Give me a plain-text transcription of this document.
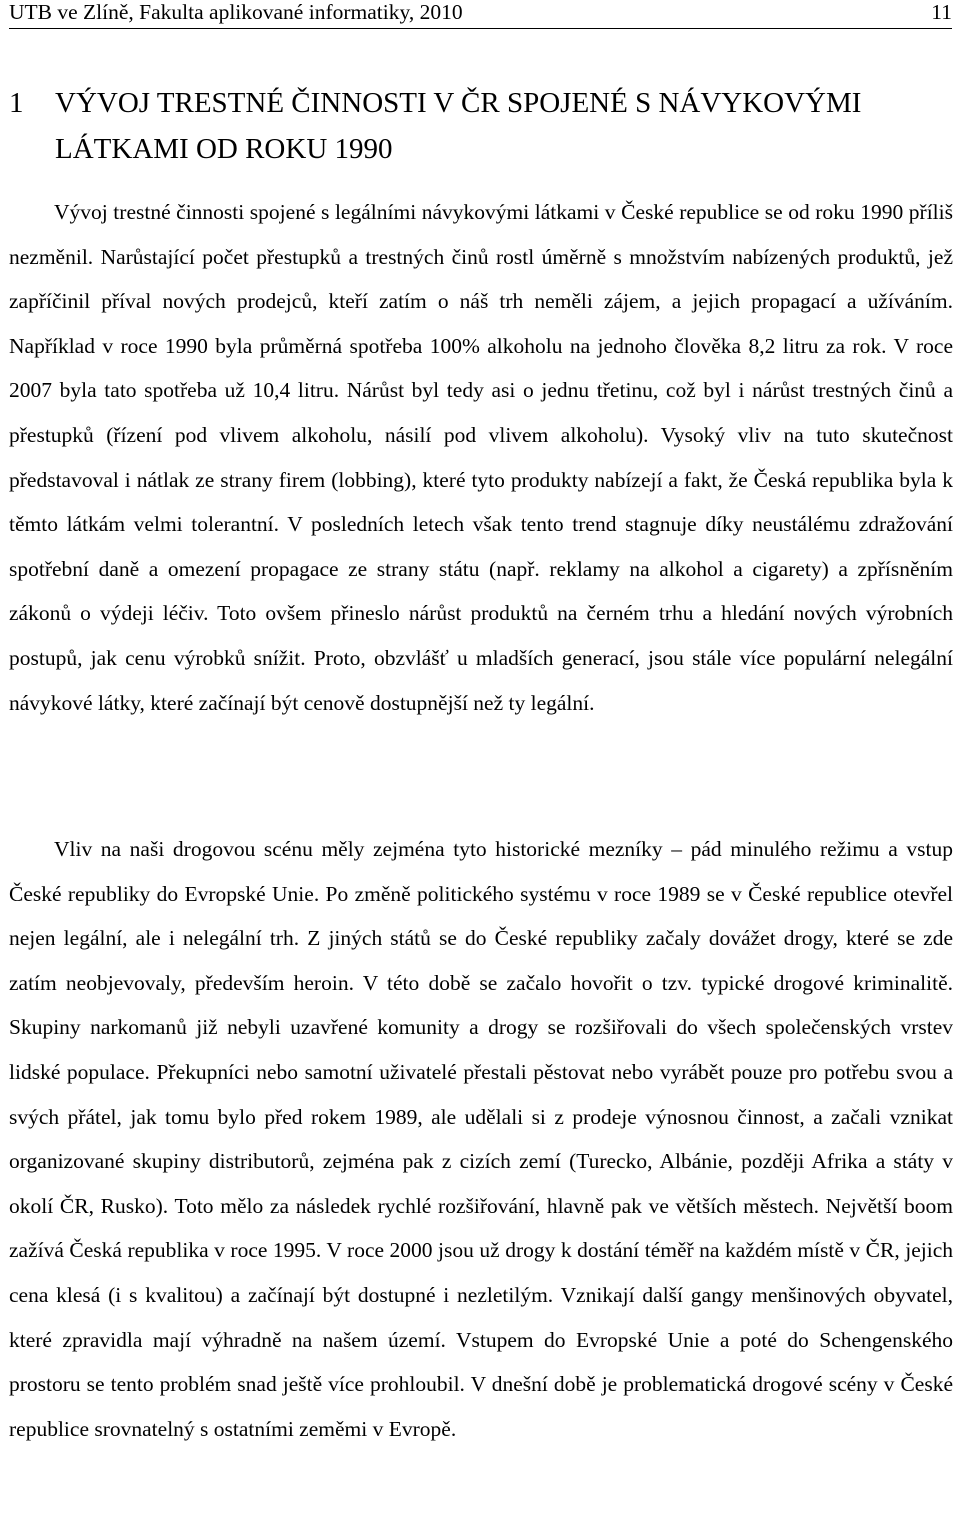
UTB ve Zlíně, Fakulta aplikované informatiky, 2010	11
1 VÝVOJ TRESTNÉ ČINNOSTI V ČR SPOJENÉ S NÁVYKOVÝMI LÁTKAMI OD ROKU 1990

Vývoj trestné činnosti spojené s legálními návykovými látkami v České republice se od roku 1990 příliš nezměnil. Narůstající počet přestupků a trestných činů rostl úměrně s množstvím nabízených produktů, jež zapříčinil příval nových prodejců, kteří zatím o náš trh neměli zájem, a jejich propagací a užíváním. Například v roce 1990 byla průměrná spotřeba 100% alkoholu na jednoho člověka 8,2 litru za rok. V roce 2007 byla tato spotřeba už 10,4 litru. Nárůst byl tedy asi o jednu třetinu, což byl i nárůst trestných činů a přestupků (řízení pod vlivem alkoholu, násilí pod vlivem alkoholu). Vysoký vliv na tuto skutečnost představoval i nátlak ze strany firem (lobbing), které tyto produkty nabízejí a fakt, že Česká republika byla k těmto látkám velmi tolerantní. V posledních letech však tento trend stagnuje díky neustálému zdražování spotřební daně a omezení propagace ze strany státu (např. reklamy na alkohol a cigarety) a zpřísněním zákonů o výdeji léčiv. Toto ovšem přineslo nárůst produktů na černém trhu a hledání nových výrobních postupů, jak cenu výrobků snížit. Proto, obzvlášť u mladších generací, jsou stále více populární nelegální návykové látky, které začínají být cenově dostupnější než ty legální.

Vliv na naši drogovou scénu měly zejména tyto historické mezníky – pád minulého režimu a vstup České republiky do Evropské Unie. Po změně politického systému v roce 1989 se v České republice otevřel nejen legální, ale i nelegální trh. Z jiných států se do České republiky začaly dovážet drogy, které se zde zatím neobjevovaly, především heroin. V této době se začalo hovořit o tzv. typické drogové kriminalitě. Skupiny narkomanů již nebyli uzavřené komunity a drogy se rozšiřovali do všech společenských vrstev lidské populace. Překupníci nebo samotní uživatelé přestali pěstovat nebo vyrábět pouze pro potřebu svou a svých přátel, jak tomu bylo před rokem 1989, ale udělali si z prodeje výnosnou činnost, a začali vznikat organizované skupiny distributorů, zejména pak z cizích zemí (Turecko, Albánie, později Afrika a státy v okolí ČR, Rusko). Toto mělo za následek rychlé rozšiřování, hlavně pak ve větších městech. Největší boom zažívá Česká republika v roce 1995. V roce 2000 jsou už drogy k dostání téměř na každém místě v ČR, jejich cena klesá (i s kvalitou) a začínají být dostupné i nezletilým. Vznikají další gangy menšinových obyvatel, které zpravidla mají výhradně na našem území. Vstupem do Evropské Unie a poté do Schengenského prostoru se tento problém snad ještě více prohloubil. V dnešní době je problematická drogové scény v České republice srovnatelný s ostatními zeměmi v Evropě.
